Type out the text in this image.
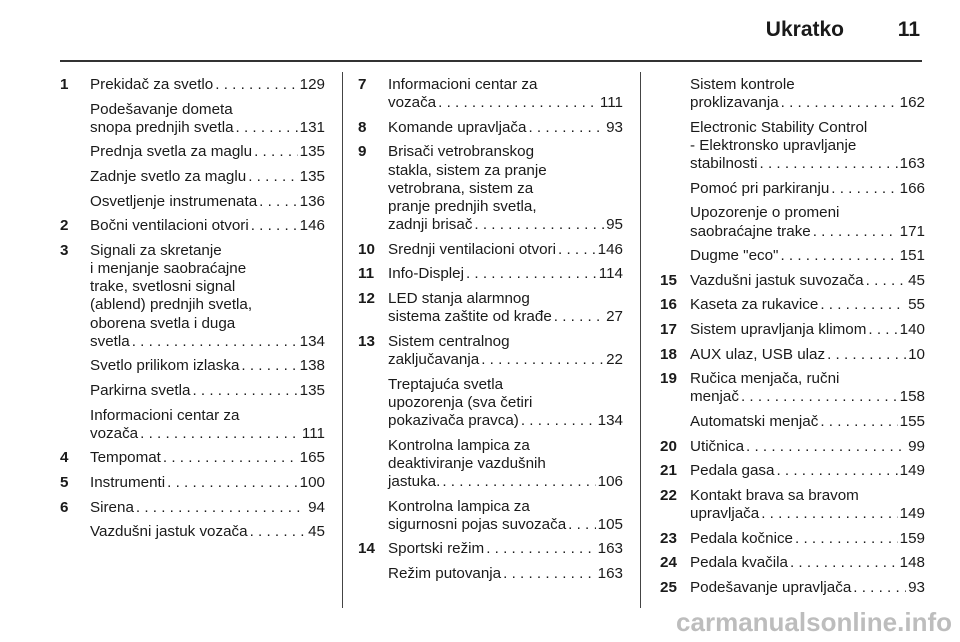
Ukratko	11
1 Prekidač za svetlo . . .	129
Podešavanje dometa
snopa prednjih svetla . . .	131
Prednja svetla za maglu . . .	135
Zadnje svetlo za maglu . . .	135
Osvetljenje instrumenata . . .	136
2 Bočni ventilacioni otvori . . .	146
3 Signali za skretanje
i menjanje saobraćajne
trake, svetlosni signal
(ablend) prednjih svetla,
oborena svetla i duga
svetla . . .	134
Svetlo prilikom izlaska . . .	138
Parkirna svetla . . .	135
Informacioni centar za
vozača . . .	111
4 Tempomat . . .	165
5 Instrumenti . . .	100
6 Sirena . . .	94
Vazdušni jastuk vozača . . .	45
7 Informacioni centar za
vozača . . .	111
8 Komande upravljača . . .	93
9 Brisači vetrobranskog
stakla, sistem za pranje
vetrobrana, sistem za
pranje prednjih svetla,
zadnji brisač . . .	95
10 Srednji ventilacioni otvori . . .	146
11 Info-Displej . . .	114
12 LED stanja alarmnog
sistema zaštite od krađe . . .	27
13 Sistem centralnog
zaključavanja . . .	22
Treptajuća svetla
upozorenja (sva četiri
pokazivača pravca) . . .	134
Kontrolna lampica za
deaktiviranje vazdušnih
jastuka. . . .	106
Kontrolna lampica za
sigurnosni pojas suvozača . . . 105
14 Sportski režim . . .	163
Režim putovanja . . .	163
Sistem kontrole
proklizavanja . . .	162
Electronic Stability Control
- Elektronsko upravljanje
stabilnosti . . .	163
Pomoć pri parkiranju . . .	166
Upozorenje o promeni
saobraćajne trake . . .	171
Dugme "eco" . . .	151
15 Vazdušni jastuk suvozača . . .	45
16 Kaseta za rukavice . . .	55
17 Sistem upravljanja klimom . . . 140
18 AUX ulaz, USB ulaz . . .	10
19 Ručica menjača, ručni
menjač . . .	158
Automatski menjač . . .	155
20 Utičnica . . .	99
21 Pedala gasa . . .	149
22 Kontakt brava sa bravom
upravljača . . .	149
23 Pedala kočnice . . .	159
24 Pedala kvačila . . .	148
25 Podešavanje upravljača . . .	93
carmanualsonline.info
